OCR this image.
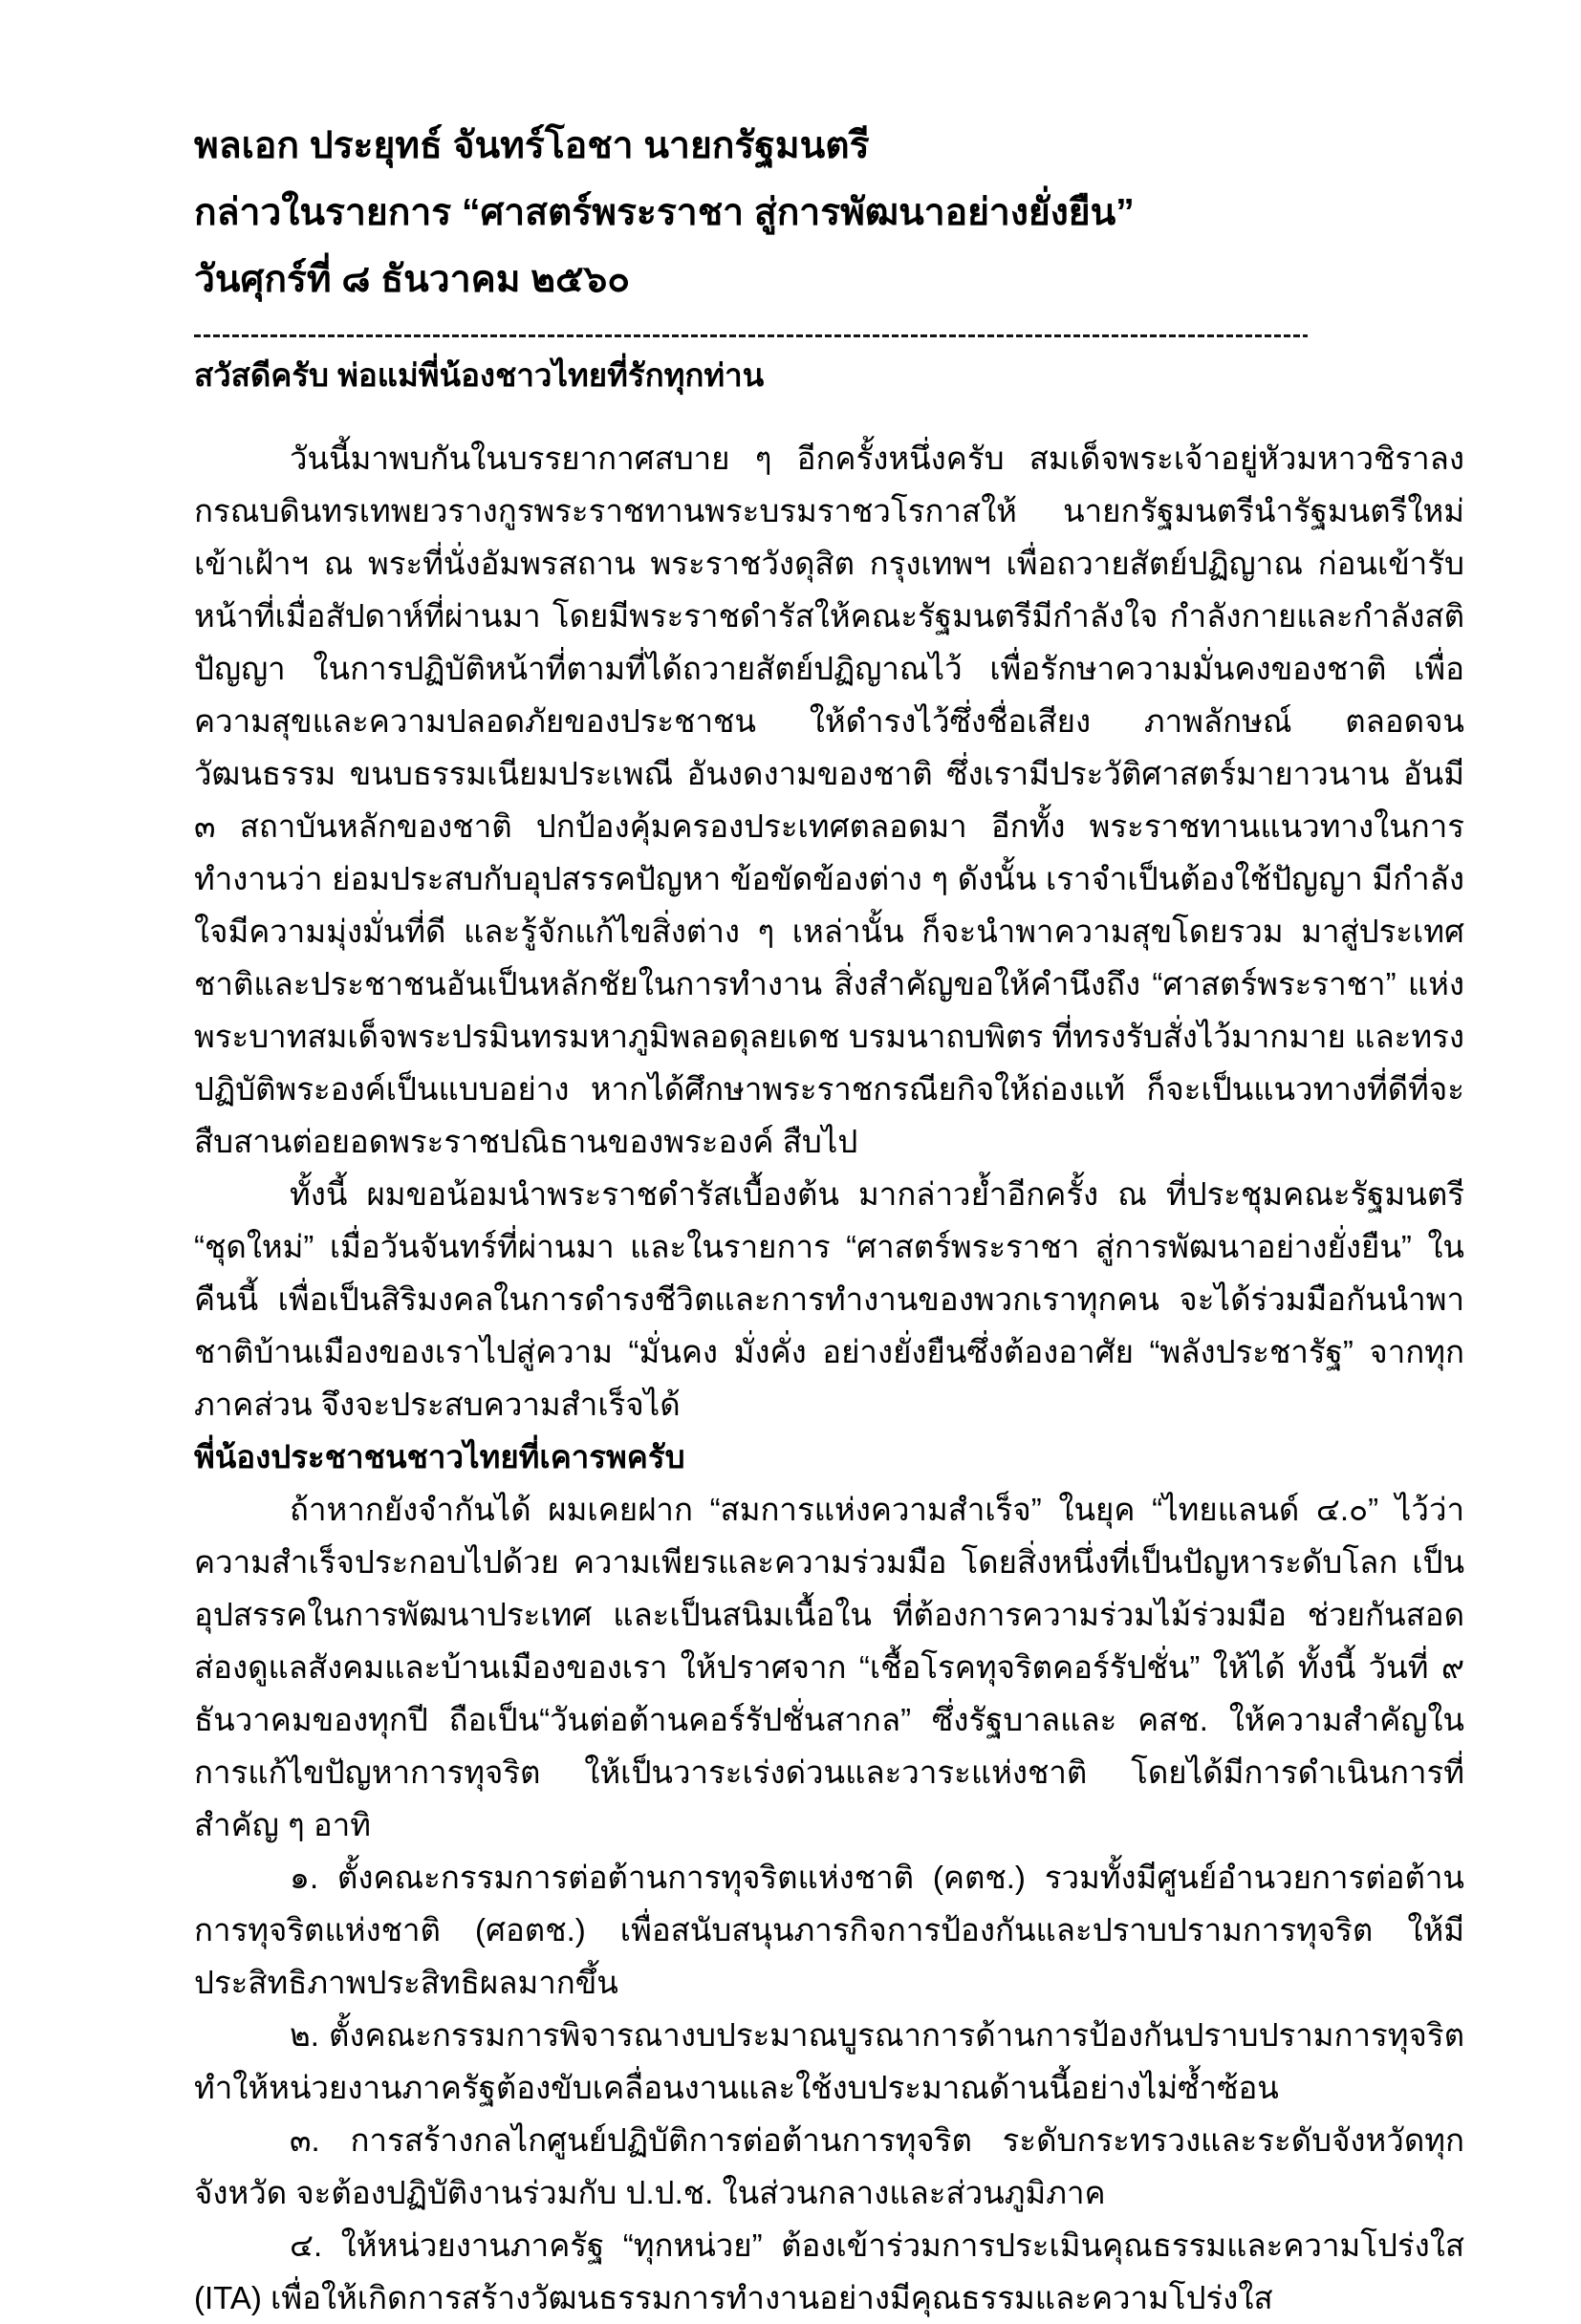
พลเอก ประยุทธ์ จันทร์โอชา นายกรัฐมนตรี
กล่าวในรายการ “ศาสตร์พระราชา สู่การพัฒนาอย่างยั่งยืน”
วันศุกร์ที่ ๘ ธันวาคม ๒๕๖๐
สวัสดีครับ พ่อแม่พี่น้องชาวไทยที่รักทุกท่าน

วันนี้มาพบกันในบรรยากาศสบาย ๆ อีกครั้งหนึ่งครับ สมเด็จพระเจ้าอยู่หัวมหาวชิราลงกรณบดินทรเทพยวรางกูรพระราชทานพระบรมราชวโรกาสให้ นายกรัฐมนตรีนำรัฐมนตรีใหม่เข้าเฝ้าฯ ณ พระที่นั่งอัมพรสถาน พระราชวังดุสิต กรุงเทพฯ เพื่อถวายสัตย์ปฏิญาณ ก่อนเข้ารับหน้าที่เมื่อสัปดาห์ที่ผ่านมา โดยมีพระราชดำรัสให้คณะรัฐมนตรีมีกำลังใจ กำลังกายและกำลังสติปัญญา ในการปฏิบัติหน้าที่ตามที่ได้ถวายสัตย์ปฏิญาณไว้ เพื่อรักษาความมั่นคงของชาติ เพื่อความสุขและความปลอดภัยของประชาชน ให้ดำรงไว้ซึ่งชื่อเสียง ภาพลักษณ์ ตลอดจนวัฒนธรรม ขนบธรรมเนียมประเพณี อันงดงามของชาติ ซึ่งเรามีประวัติศาสตร์มายาวนาน อันมี ๓ สถาบันหลักของชาติ ปกป้องคุ้มครองประเทศตลอดมา อีกทั้ง พระราชทานแนวทางในการทำงานว่า ย่อมประสบกับอุปสรรคปัญหา ข้อขัดข้องต่าง ๆ ดังนั้น เราจำเป็นต้องใช้ปัญญา มีกำลังใจมีความมุ่งมั่นที่ดี และรู้จักแก้ไขสิ่งต่าง ๆ เหล่านั้น ก็จะนำพาความสุขโดยรวม มาสู่ประเทศชาติและประชาชนอันเป็นหลักชัยในการทำงาน สิ่งสำคัญขอให้คำนึงถึง “ศาสตร์พระราชา” แห่งพระบาทสมเด็จพระปรมินทรมหาภูมิพลอดุลยเดช บรมนาถบพิตร ที่ทรงรับสั่งไว้มากมาย และทรงปฏิบัติพระองค์เป็นแบบอย่าง หากได้ศึกษาพระราชกรณียกิจให้ถ่องแท้ ก็จะเป็นแนวทางที่ดีที่จะสืบสานต่อยอดพระราชปณิธานของพระองค์ สืบไป

ทั้งนี้ ผมขอน้อมนำพระราชดำรัสเบื้องต้น มากล่าวย้ำอีกครั้ง ณ ที่ประชุมคณะรัฐมนตรี “ชุดใหม่” เมื่อวันจันทร์ที่ผ่านมา และในรายการ “ศาสตร์พระราชา สู่การพัฒนาอย่างยั่งยืน” ในคืนนี้ เพื่อเป็นสิริมงคลในการดำรงชีวิตและการทำงานของพวกเราทุกคน จะได้ร่วมมือกันนำพาชาติบ้านเมืองของเราไปสู่ความ “มั่นคง มั่งคั่ง อย่างยั่งยืนซึ่งต้องอาศัย “พลังประชารัฐ” จากทุกภาคส่วน จึงจะประสบความสำเร็จได้

พี่น้องประชาชนชาวไทยที่เคารพครับ

ถ้าหากยังจำกันได้ ผมเคยฝาก “สมการแห่งความสำเร็จ” ในยุค “ไทยแลนด์ ๔.๐” ไว้ว่า ความสำเร็จประกอบไปด้วย ความเพียรและความร่วมมือ โดยสิ่งหนึ่งที่เป็นปัญหาระดับโลก เป็นอุปสรรคในการพัฒนาประเทศ และเป็นสนิมเนื้อใน ที่ต้องการความร่วมไม้ร่วมมือ ช่วยกันสอดส่องดูแลสังคมและบ้านเมืองของเรา ให้ปราศจาก “เชื้อโรคทุจริตคอร์รัปชั่น” ให้ได้ ทั้งนี้ วันที่ ๙ ธันวาคมของทุกปี ถือเป็น“วันต่อต้านคอร์รัปชั่นสากล” ซึ่งรัฐบาลและ คสช. ให้ความสำคัญในการแก้ไขปัญหาการทุจริต ให้เป็นวาระเร่งด่วนและวาระแห่งชาติ โดยได้มีการดำเนินการที่สำคัญ ๆ อาทิ

๑. ตั้งคณะกรรมการต่อต้านการทุจริตแห่งชาติ (คตช.) รวมทั้งมีศูนย์อำนวยการต่อต้านการทุจริตแห่งชาติ (ศอตช.) เพื่อสนับสนุนภารกิจการป้องกันและปราบปรามการทุจริต ให้มีประสิทธิภาพประสิทธิผลมากขึ้น

๒. ตั้งคณะกรรมการพิจารณางบประมาณบูรณาการด้านการป้องกันปราบปรามการทุจริต ทำให้หน่วยงานภาครัฐต้องขับเคลื่อนงานและใช้งบประมาณด้านนี้อย่างไม่ซ้ำซ้อน

๓. การสร้างกลไกศูนย์ปฏิบัติการต่อต้านการทุจริต ระดับกระทรวงและระดับจังหวัดทุกจังหวัด จะต้องปฏิบัติงานร่วมกับ ป.ป.ช. ในส่วนกลางและส่วนภูมิภาค

๔. ให้หน่วยงานภาครัฐ “ทุกหน่วย” ต้องเข้าร่วมการประเมินคุณธรรมและความโปร่งใส (ITA) เพื่อให้เกิดการสร้างวัฒนธรรมการทำงานอย่างมีคุณธรรมและความโปร่งใส
